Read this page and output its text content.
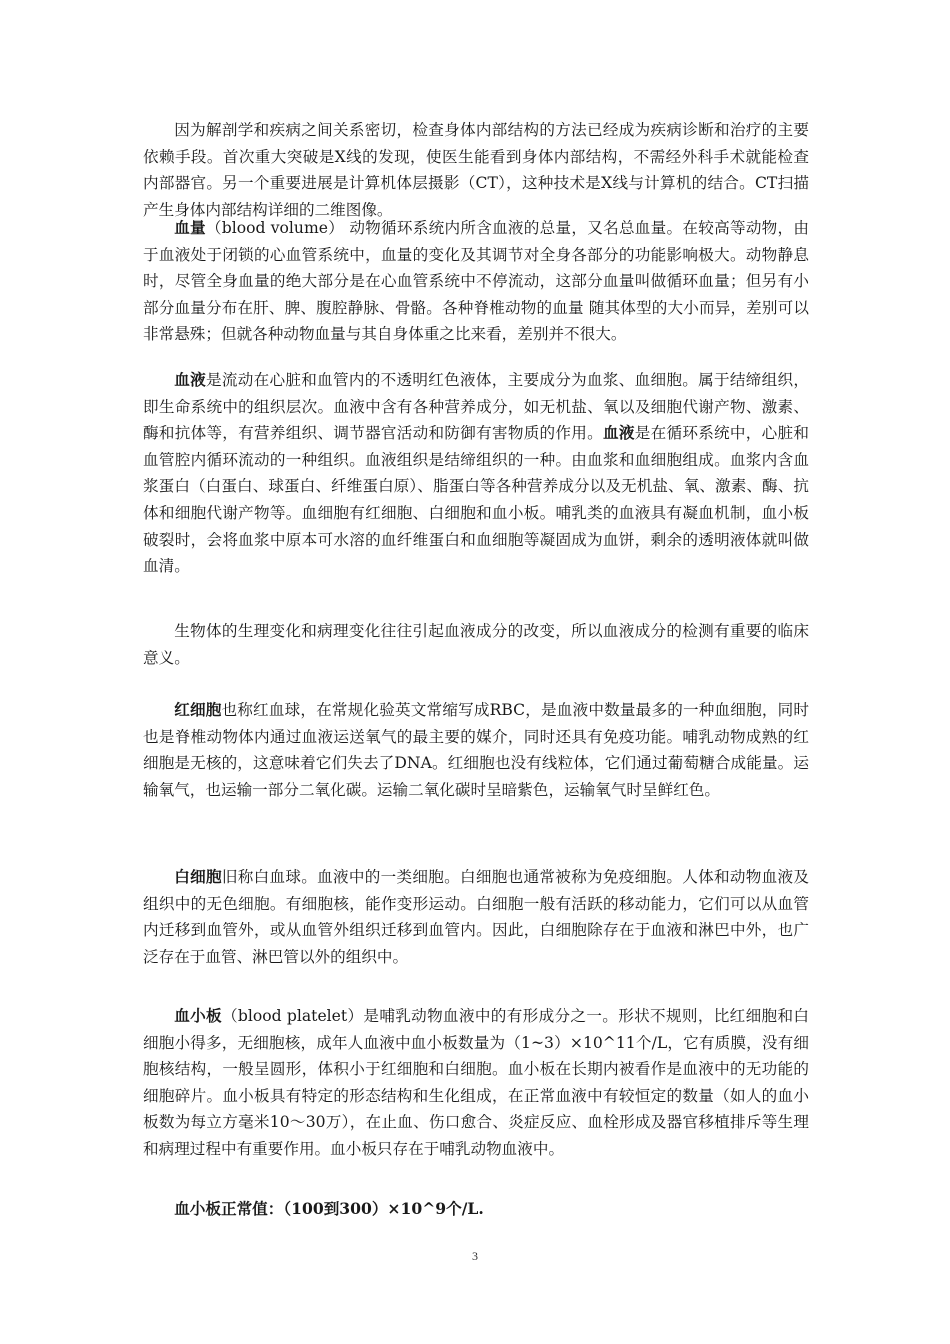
因为解剖学和疾病之间关系密切，检查身体内部结构的方法已经成为疾病诊断和治疗的主要依赖手段。首次重大突破是X线的发现，使医生能看到身体内部结构，不需经外科手术就能检查内部器官。另一个重要进展是计算机体层摄影（CT），这种技术是X线与计算机的结合。CT扫描产生身体内部结构详细的二维图像。

血量（blood volume） 动物循环系统内所含血液的总量，又名总血量。在较高等动物，由于血液处于闭锁的心血管系统中，血量的变化及其调节对全身各部分的功能影响极大。动物静息时，尽管全身血量的绝大部分是在心血管系统中不停流动，这部分血量叫做循环血量；但另有小部分血量分布在肝、脾、腹腔静脉、骨骼。各种脊椎动物的血量 随其体型的大小而异，差别可以非常悬殊；但就各种动物血量与其自身体重之比来看，差别并不很大。

血液是流动在心脏和血管内的不透明红色液体，主要成分为血浆、血细胞。属于结缔组织，即生命系统中的组织层次。血液中含有各种营养成分，如无机盐、氧以及细胞代谢产物、激素、酶和抗体等，有营养组织、调节器官活动和防御有害物质的作用。血液是在循环系统中，心脏和血管腔内循环流动的一种组织。血液组织是结缔组织的一种。由血浆和血细胞组成。血浆内含血浆蛋白（白蛋白、球蛋白、纤维蛋白原）、脂蛋白等各种营养成分以及无机盐、氧、激素、酶、抗体和细胞代谢产物等。血细胞有红细胞、白细胞和血小板。哺乳类的血液具有凝血机制，血小板破裂时，会将血浆中原本可水溶的血纤维蛋白和血细胞等凝固成为血饼，剩余的透明液体就叫做血清。

生物体的生理变化和病理变化往往引起血液成分的改变，所以血液成分的检测有重要的临床意义。

红细胞也称红血球，在常规化验英文常缩写成RBC，是血液中数量最多的一种血细胞，同时也是脊椎动物体内通过血液运送氧气的最主要的媒介，同时还具有免疫功能。哺乳动物成熟的红细胞是无核的，这意味着它们失去了DNA。红细胞也没有线粒体，它们通过葡萄糖合成能量。运输氧气，也运输一部分二氧化碳。运输二氧化碳时呈暗紫色，运输氧气时呈鲜红色。

白细胞旧称白血球。血液中的一类细胞。白细胞也通常被称为免疫细胞。人体和动物血液及组织中的无色细胞。有细胞核，能作变形运动。白细胞一般有活跃的移动能力，它们可以从血管内迁移到血管外，或从血管外组织迁移到血管内。因此，白细胞除存在于血液和淋巴中外，也广泛存在于血管、淋巴管以外的组织中。

血小板（blood platelet）是哺乳动物血液中的有形成分之一。形状不规则，比红细胞和白细胞小得多，无细胞核，成年人血液中血小板数量为（1~3）×10^11个/L，它有质膜，没有细胞核结构，一般呈圆形，体积小于红细胞和白细胞。血小板在长期内被看作是血液中的无功能的细胞碎片。血小板具有特定的形态结构和生化组成，在正常血液中有较恒定的数量（如人的血小板数为每立方毫米10～30万），在止血、伤口愈合、炎症反应、血栓形成及器官移植排斥等生理和病理过程中有重要作用。血小板只存在于哺乳动物血液中。

血小板正常值：（100到300）×10^9个/L.

3
